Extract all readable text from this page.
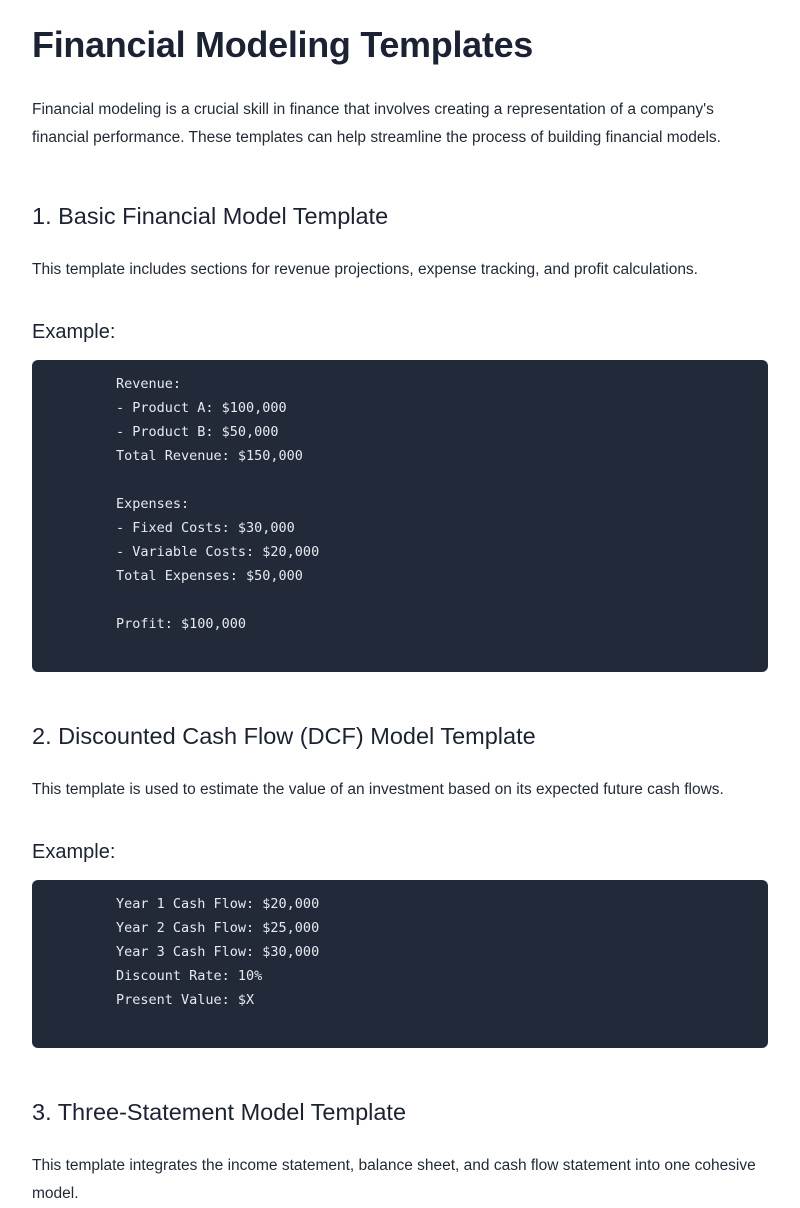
Financial Modeling Templates

Financial modeling is a crucial skill in finance that involves creating a representation of a company's financial performance. These templates can help streamline the process of building financial models.

1. Basic Financial Model Template

This template includes sections for revenue projections, expense tracking, and profit calculations.

Example:
Revenue:
- Product A: $100,000
- Product B: $50,000
Total Revenue: $150,000

Expenses:
- Fixed Costs: $30,000
- Variable Costs: $20,000
Total Expenses: $50,000

Profit: $100,000
2. Discounted Cash Flow (DCF) Model Template

This template is used to estimate the value of an investment based on its expected future cash flows.

Example:
Year 1 Cash Flow: $20,000
Year 2 Cash Flow: $25,000
Year 3 Cash Flow: $30,000
Discount Rate: 10%
Present Value: $X
3. Three-Statement Model Template

This template integrates the income statement, balance sheet, and cash flow statement into one cohesive model.
